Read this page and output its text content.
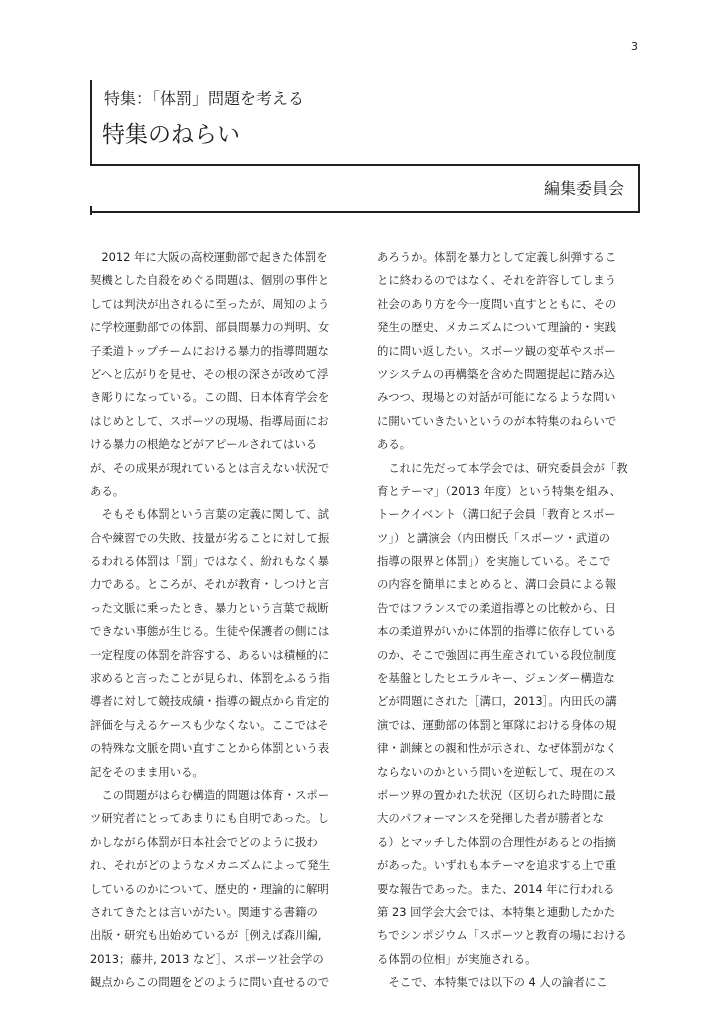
3
特集：「体罰」問題を考える
特集のねらい
編集委員会
　2012 年に大阪の高校運動部で起きた体罰を
契機とした自殺をめぐる問題は、個別の事件と
しては判決が出されるに至ったが、周知のよう
に学校運動部での体罰、部員間暴力の判明、女
子柔道トップチームにおける暴力的指導問題な
どへと広がりを見せ、その根の深さが改めて浮
き彫りになっている。この間、日本体育学会を
はじめとして、スポーツの現場、指導局面にお
ける暴力の根絶などがアピールされてはいる
が、その成果が現れているとは言えない状況で
ある。
　そもそも体罰という言葉の定義に関して、試
合や練習での失敗、技量が劣ることに対して振
るわれる体罰は「罰」ではなく、紛れもなく暴
力である。ところが、それが教育・しつけと言
った文脈に乗ったとき、暴力という言葉で裁断
できない事態が生じる。生徒や保護者の側には
一定程度の体罰を許容する、あるいは積極的に
求めると言ったことが見られ、体罰をふるう指
導者に対して競技成績・指導の観点から肯定的
評価を与えるケースも少なくない。ここではそ
の特殊な文脈を問い直すことから体罰という表
記をそのまま用いる。
　この問題がはらむ構造的問題は体育・スポー
ツ研究者にとってあまりにも自明であった。し
かしながら体罰が日本社会でどのように扱わ
れ、それがどのようなメカニズムによって発生
しているのかについて、歴史的・理論的に解明
されてきたとは言いがたい。関連する書籍の
出版・研究も出始めているが［例えば森川編,
2013；藤井, 2013 など］、スポーツ社会学の
観点からこの問題をどのように問い直せるので
あろうか。体罰を暴力として定義し糾弾するこ
とに終わるのではなく、それを許容してしまう
社会のあり方を今一度問い直すとともに、その
発生の歴史、メカニズムについて理論的・実践
的に問い返したい。スポーツ観の変革やスポー
ツシステムの再構築を含めた問題提起に踏み込
みつつ、現場との対話が可能になるような問い
に開いていきたいというのが本特集のねらいで
ある。
　これに先だって本学会では、研究委員会が「教
育とテーマ」（2013 年度）という特集を組み、
トークイベント（溝口紀子会員「教育とスポー
ツ」）と講演会（内田樹氏「スポーツ・武道の
指導の限界と体罰」）を実施している。そこで
の内容を簡単にまとめると、溝口会員による報
告ではフランスでの柔道指導との比較から、日
本の柔道界がいかに体罰的指導に依存している
のか、そこで強固に再生産されている段位制度
を基盤としたヒエラルキー、ジェンダー構造な
どが問題にされた［溝口，2013］。内田氏の講
演では、運動部の体罰と軍隊における身体の規
律・訓練との親和性が示され、なぜ体罰がなく
ならないのかという問いを逆転して、現在のス
ポーツ界の置かれた状況（区切られた時間に最
大のパフォーマンスを発揮した者が勝者とな
る）とマッチした体罰の合理性があるとの指摘
があった。いずれも本テーマを追求する上で重
要な報告であった。また、2014 年に行われる
第 23 回学会大会では、本特集と連動したかた
ちでシンポジウム「スポーツと教育の場における
る体罰の位相」が実施される。
　そこで、本特集では以下の 4 人の論者にこ
